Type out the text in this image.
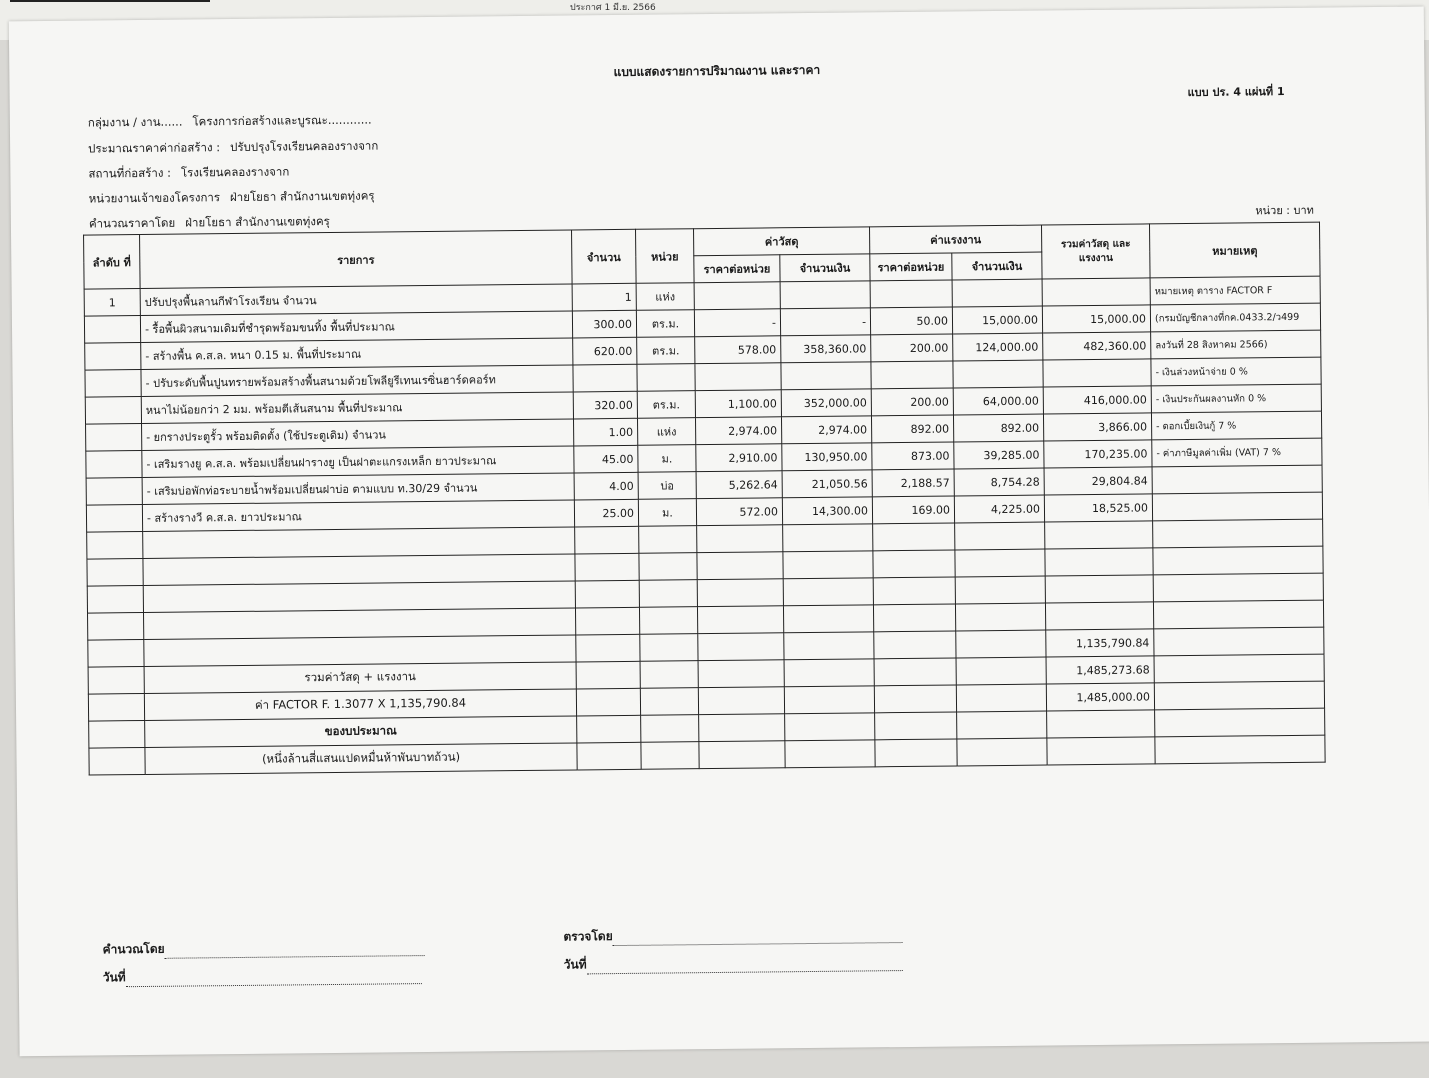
ประกาศ 1 มี.ย. 2566
แบบแสดงรายการปริมาณงาน และราคา
แบบ ปร. 4 แผ่นที่ 1
กลุ่มงาน / งาน...... โครงการก่อสร้างและบูรณะ............
ประมาณราคาค่าก่อสร้าง : ปรับปรุงโรงเรียนคลองรางจาก
สถานที่ก่อสร้าง : โรงเรียนคลองรางจาก
หน่วยงานเจ้าของโครงการ ฝ่ายโยธา สำนักงานเขตทุ่งครุ
คำนวณราคาโดย ฝ่ายโยธา สำนักงานเขตทุ่งครุ
หน่วย : บาท
ลำดับ ที่	รายการ	จำนวน	หน่วย	ค่าวัสดุ		ค่าแรงงาน		รวมค่าวัสดุ และแรงงาน	หมายเหตุ
				ราคาต่อหน่วย	จำนวนเงิน	ราคาต่อหน่วย	จำนวนเงิน		
1	ปรับปรุงพื้นลานกีฬาโรงเรียน จำนวน	1	แห่ง						หมายเหตุ ตาราง FACTOR F
	- รื้อพื้นผิวสนามเดิมที่ชำรุดพร้อมขนทิ้ง พื้นที่ประมาณ	300.00	ตร.ม.	-	-	50.00	15,000.00	15,000.00	(กรมบัญชีกลางที่กค.0433.2/ว499
	- สร้างพื้น ค.ส.ล. หนา 0.15 ม. พื้นที่ประมาณ	620.00	ตร.ม.	578.00	358,360.00	200.00	124,000.00	482,360.00	ลงวันที่ 28 สิงหาคม 2566)
	- ปรับระดับพื้นปูนทรายพร้อมสร้างพื้นสนามด้วยโพลียูรีเทนเรซิ่นฮาร์ดคอร์ท								- เงินล่วงหน้าจ่าย 0 %
	หนาไม่น้อยกว่า 2 มม. พร้อมตีเส้นสนาม พื้นที่ประมาณ	320.00	ตร.ม.	1,100.00	352,000.00	200.00	64,000.00	416,000.00	- เงินประกันผลงานหัก 0 %
	- ยกรางประตูรั้ว พร้อมติดตั้ง (ใช้ประตูเดิม) จำนวน	1.00	แห่ง	2,974.00	2,974.00	892.00	892.00	3,866.00	- ดอกเบี้ยเงินกู้ 7 %
	- เสริมรางยู ค.ส.ล. พร้อมเปลี่ยนฝารางยู เป็นฝาตะแกรงเหล็ก ยาวประมาณ	45.00	ม.	2,910.00	130,950.00	873.00	39,285.00	170,235.00	- ค่าภาษีมูลค่าเพิ่ม (VAT) 7 %
	- เสริมบ่อพักท่อระบายน้ำพร้อมเปลี่ยนฝาบ่อ ตามแบบ ท.30/29 จำนวน	4.00	บ่อ	5,262.64	21,050.56	2,188.57	8,754.28	29,804.84	
	- สร้างรางวี ค.ส.ล. ยาวประมาณ	25.00	ม.	572.00	14,300.00	169.00	4,225.00	18,525.00	

								1,135,790.84	
	รวมค่าวัสดุ + แรงงาน							1,485,273.68	
	ค่า FACTOR F. 1.3077 X 1,135,790.84							1,485,000.00	
	ของบประมาณ								
	(หนึ่งล้านสี่แสนแปดหมื่นห้าพันบาทถ้วน)								
คำนวณโดย
วันที่
ตรวจโดย
วันที่
